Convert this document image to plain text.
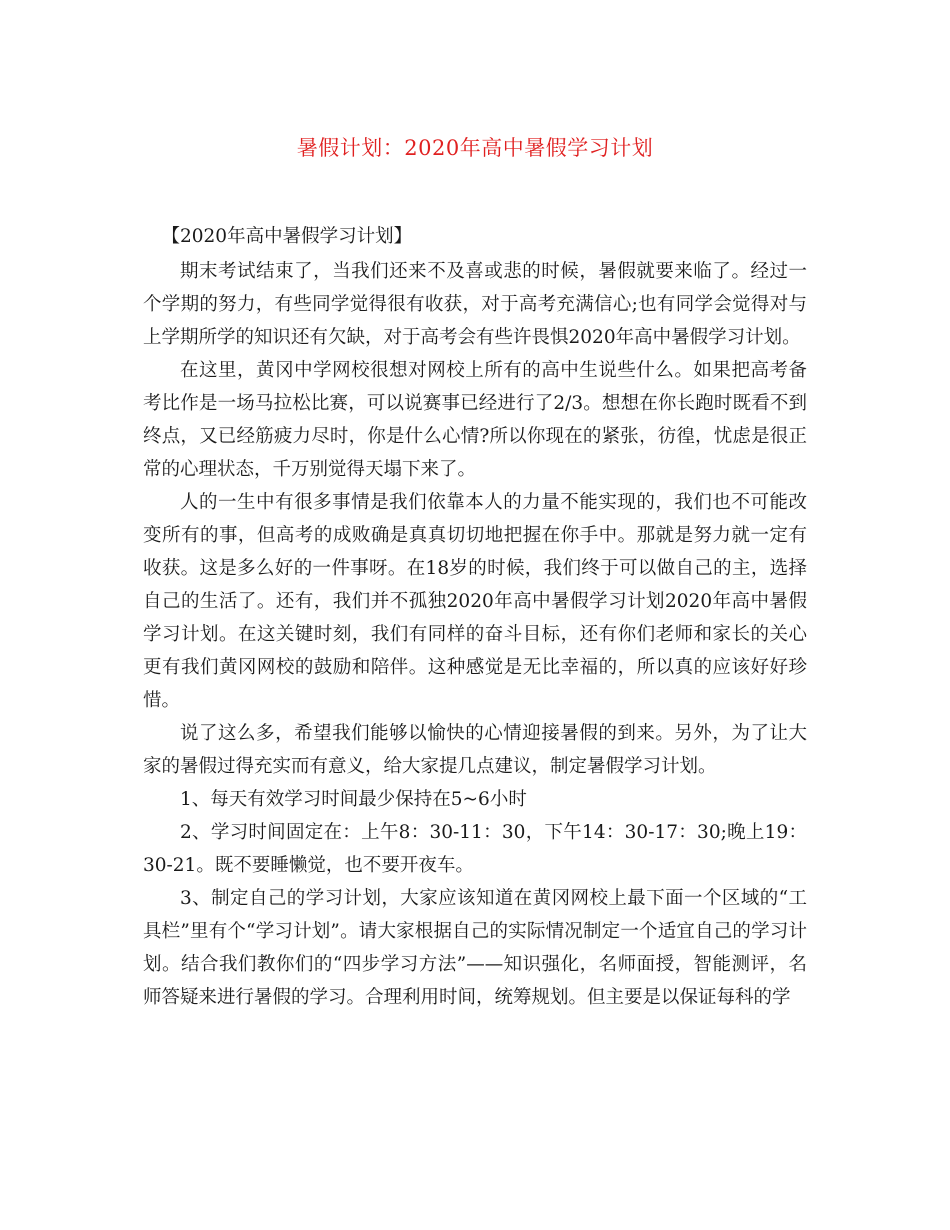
暑假计划：2020年高中暑假学习计划

【2020年高中暑假学习计划】

期末考试结束了，当我们还来不及喜或悲的时候，暑假就要来临了。经过一个学期的努力，有些同学觉得很有收获，对于高考充满信心;也有同学会觉得对与上学期所学的知识还有欠缺，对于高考会有些许畏惧2020年高中暑假学习计划。

在这里，黄冈中学网校很想对网校上所有的高中生说些什么。如果把高考备考比作是一场马拉松比赛，可以说赛事已经进行了2/3。想想在你长跑时既看不到终点，又已经筋疲力尽时，你是什么心情?所以你现在的紧张，彷徨，忧虑是很正常的心理状态，千万别觉得天塌下来了。

人的一生中有很多事情是我们依靠本人的力量不能实现的，我们也不可能改变所有的事，但高考的成败确是真真切切地把握在你手中。那就是努力就一定有收获。这是多么好的一件事呀。在18岁的时候，我们终于可以做自己的主，选择自己的生活了。还有，我们并不孤独2020年高中暑假学习计划2020年高中暑假学习计划。在这关键时刻，我们有同样的奋斗目标，还有你们老师和家长的关心更有我们黄冈网校的鼓励和陪伴。这种感觉是无比幸福的，所以真的应该好好珍惜。

说了这么多，希望我们能够以愉快的心情迎接暑假的到来。另外，为了让大家的暑假过得充实而有意义，给大家提几点建议，制定暑假学习计划。

1、每天有效学习时间最少保持在5~6小时

2、学习时间固定在：上午8：30-11：30，下午14：30-17：30;晚上19：30-21。既不要睡懒觉，也不要开夜车。

3、制定自己的学习计划，大家应该知道在黄冈网校上最下面一个区域的“工具栏”里有个“学习计划”。请大家根据自己的实际情况制定一个适宜自己的学习计划。结合我们教你们的“四步学习方法”——知识强化，名师面授，智能测评，名师答疑来进行暑假的学习。合理利用时间，统筹规划。但主要是以保证每科的学
